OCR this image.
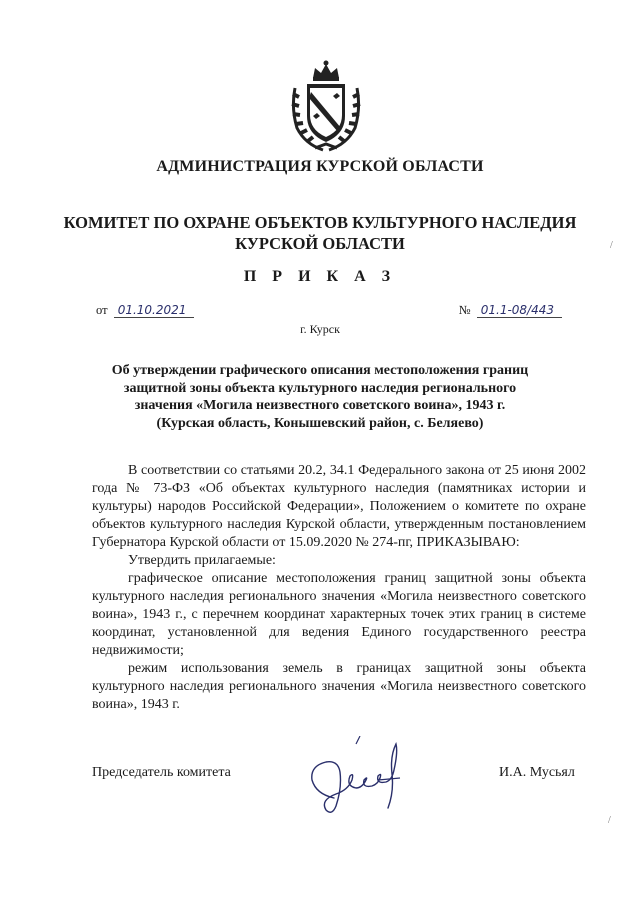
АДМИНИСТРАЦИЯ КУРСКОЙ ОБЛАСТИ
КОМИТЕТ ПО ОХРАНЕ ОБЪЕКТОВ КУЛЬТУРНОГО НАСЛЕДИЯ
КУРСКОЙ ОБЛАСТИ
П Р И К А З
от 01.10.2021	№ 01.1-08/443
г. Курск
Об утверждении графического описания местоположения границ
защитной зоны объекта культурного наследия регионального
значения «Могила неизвестного советского воина», 1943 г.
(Курская область, Конышевский район, с. Беляево)

В соответствии со статьями 20.2, 34.1 Федерального закона от 25 июня 2002 года № 73-ФЗ «Об объектах культурного наследия (памятниках истории и культуры) народов Российской Федерации», Положением о комитете по охране объектов культурного наследия Курской области, утвержденным постановлением Губернатора Курской области от 15.09.2020 № 274-пг, ПРИКАЗЫВАЮ:

Утвердить прилагаемые:

графическое описание местоположения границ защитной зоны объекта культурного наследия регионального значения «Могила неизвестного советского воина», 1943 г., с перечнем координат характерных точек этих границ в системе координат, установленной для ведения Единого государственного реестра недвижимости;

режим использования земель в границах защитной зоны объекта культурного наследия регионального значения «Могила неизвестного советского воина», 1943 г.

Председатель комитета	И.А. Мусьял
/
/
